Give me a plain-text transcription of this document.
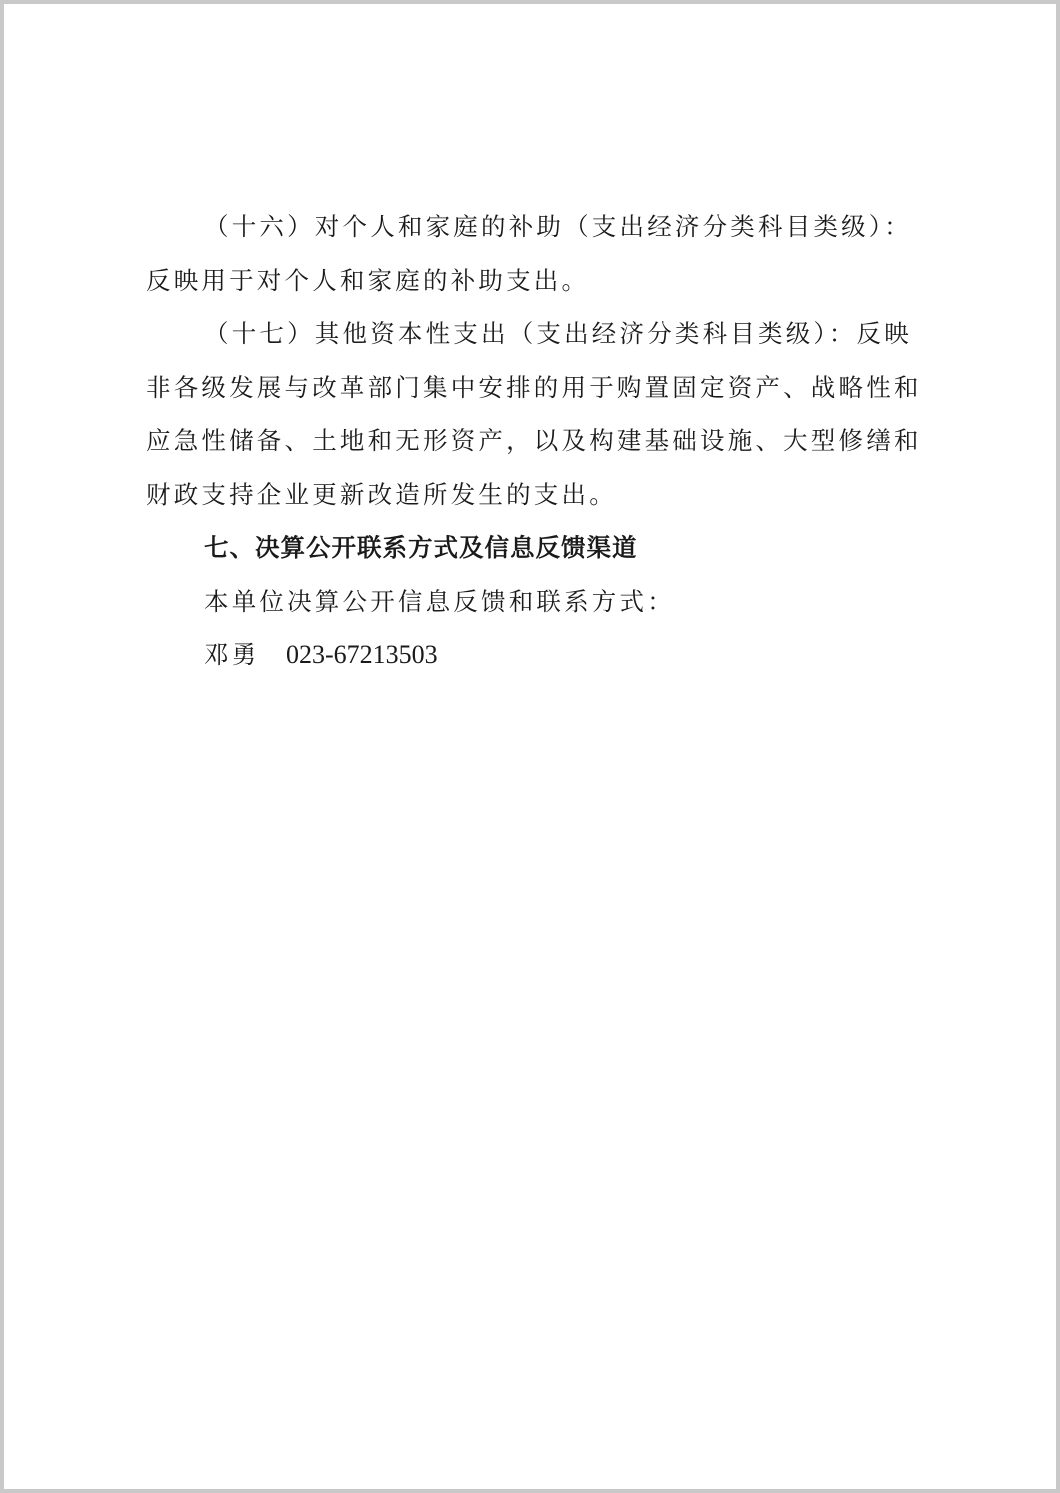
（十六）对个人和家庭的补助（支出经济分类科目类级）：
反映用于对个人和家庭的补助支出。
（十七）其他资本性支出（支出经济分类科目类级）：反映
非各级发展与改革部门集中安排的用于购置固定资产、战略性和
应急性储备、土地和无形资产，以及构建基础设施、大型修缮和
财政支持企业更新改造所发生的支出。
七、决算公开联系方式及信息反馈渠道
本单位决算公开信息反馈和联系方式：
邓勇 023-67213503
